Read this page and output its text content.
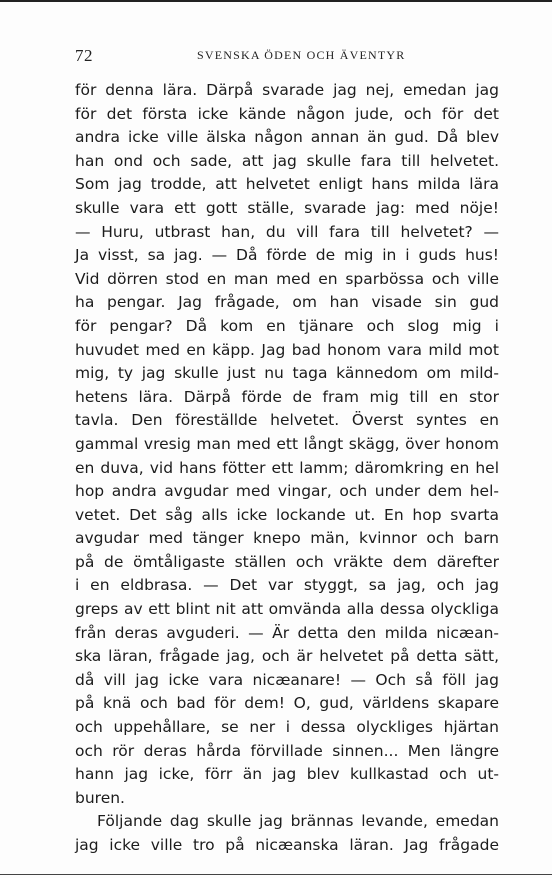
72	SVENSKA ÖDEN OCH ÄVENTYR
för denna lära. Därpå svarade jag nej, emedan jag
för det första icke kände någon jude, och för det
andra icke ville älska någon annan än gud. Då blev
han ond och sade, att jag skulle fara till helvetet.
Som jag trodde, att helvetet enligt hans milda lära
skulle vara ett gott ställe, svarade jag: med nöje!
— Huru, utbrast han, du vill fara till helvetet? —
Ja visst, sa jag. — Då förde de mig in i guds hus!
Vid dörren stod en man med en sparbössa och ville
ha pengar. Jag frågade, om han visade sin gud
för pengar? Då kom en tjänare och slog mig i
huvudet med en käpp. Jag bad honom vara mild mot
mig, ty jag skulle just nu taga kännedom om mild-
hetens lära. Därpå förde de fram mig till en stor
tavla. Den föreställde helvetet. Överst syntes en
gammal vresig man med ett långt skägg, över honom
en duva, vid hans fötter ett lamm; däromkring en hel
hop andra avgudar med vingar, och under dem hel-
vetet. Det såg alls icke lockande ut. En hop svarta
avgudar med tänger knepo män, kvinnor och barn
på de ömtåligaste ställen och vräkte dem därefter
i en eldbrasa. — Det var styggt, sa jag, och jag
greps av ett blint nit att omvända alla dessa olyckliga
från deras avguderi. — Är detta den milda nicæan-
ska läran, frågade jag, och är helvetet på detta sätt,
då vill jag icke vara nicæanare! — Och så föll jag
på knä och bad för dem! O, gud, världens skapare
och uppehållare, se ner i dessa olyckliges hjärtan
och rör deras hårda förvillade sinnen... Men längre
hann jag icke, förr än jag blev kullkastad och ut-
buren.
Följande dag skulle jag brännas levande, emedan
jag icke ville tro på nicæanska läran. Jag frågade
